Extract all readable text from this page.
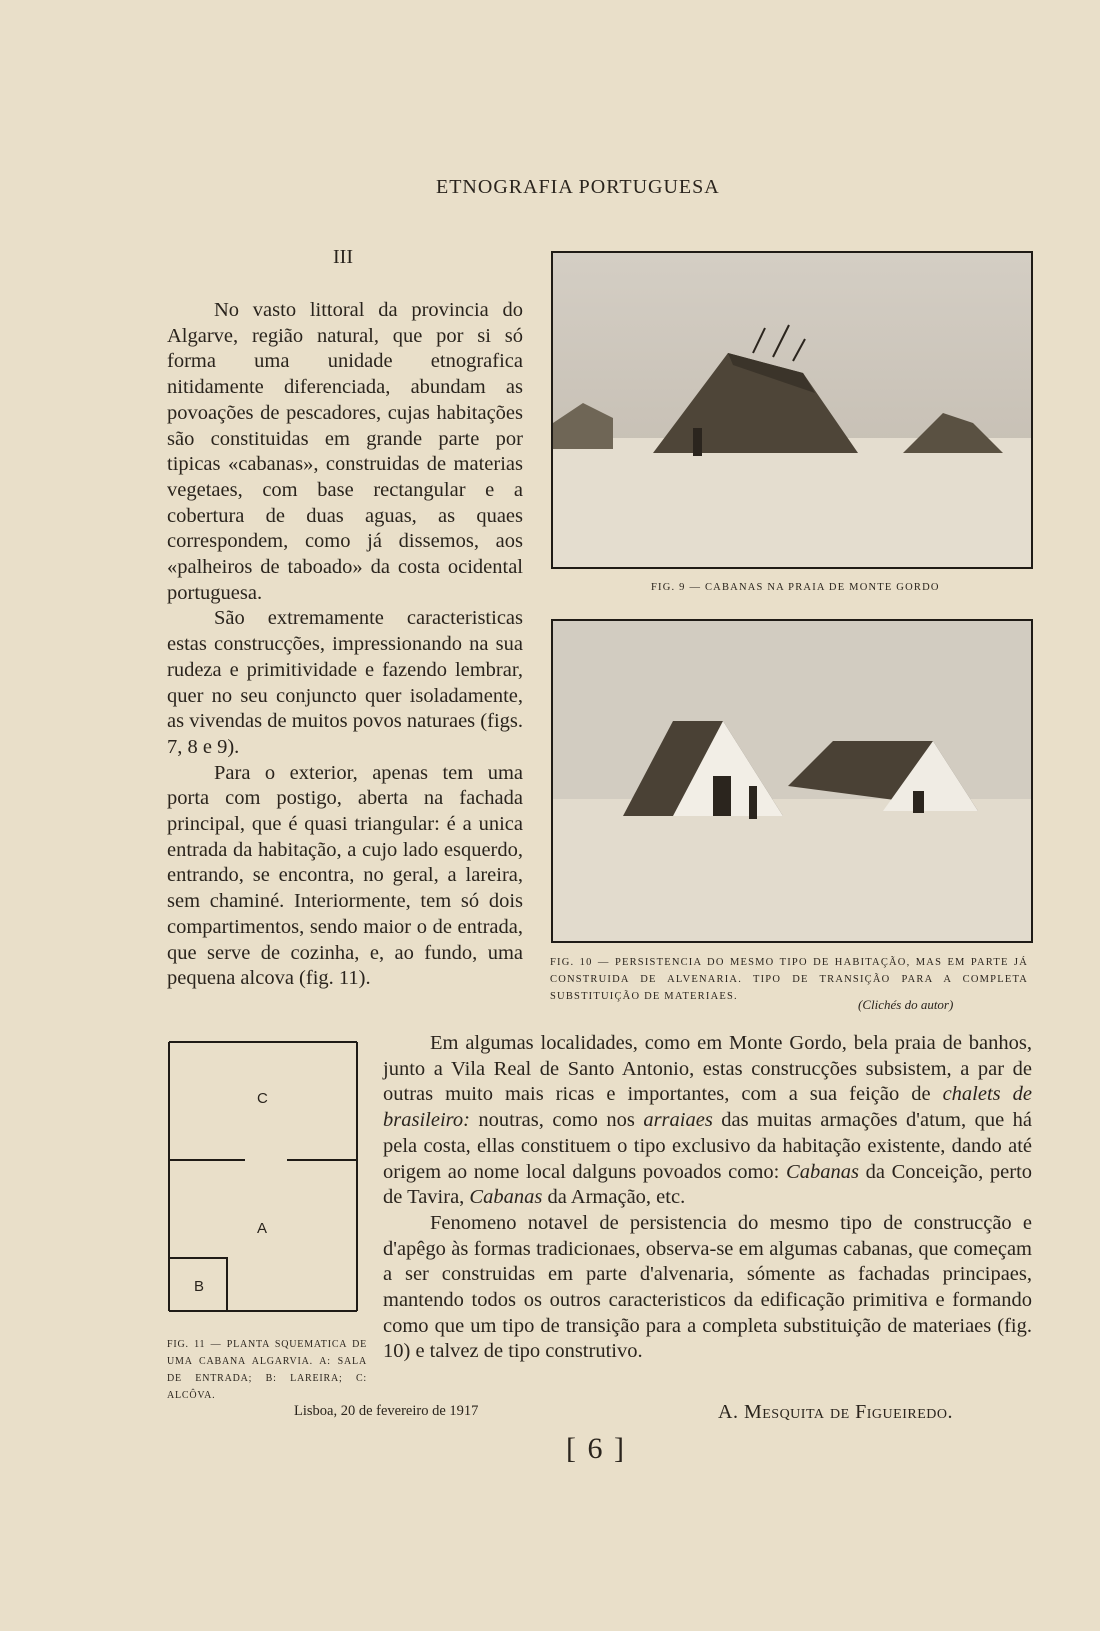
ETNOGRAFIA PORTUGUESA
III

No vasto littoral da provincia do Algarve, região natural, que por si só forma uma unidade etnografica nitidamente diferenciada, abundam as povoações de pescadores, cujas habitações são constituidas em grande parte por tipicas «cabanas», construidas de materias vegetaes, com base rectangular e a cobertura de duas aguas, as quaes correspondem, como já dissemos, aos «palheiros de taboado» da costa ocidental portuguesa.

São extremamente caracteristicas estas construcções, impressionando na sua rudeza e primitividade e fazendo lembrar, quer no seu conjuncto quer isoladamente, as vivendas de muitos povos naturaes (figs. 7, 8 e 9).

Para o exterior, apenas tem uma porta com postigo, aberta na fachada principal, que é quasi triangular: é a unica entrada da habitação, a cujo lado esquerdo, entrando, se encontra, no geral, a lareira, sem chaminé. Interiormente, tem só dois compartimentos, sendo maior o de entrada, que serve de cozinha, e, ao fundo, uma pequena alcova (fig. 11).

FIG. 9 — CABANAS NA PRAIA DE MONTE GORDO
FIG. 10 — PERSISTENCIA DO MESMO TIPO DE HABITAÇÃO, MAS EM PARTE JÁ CONSTRUIDA DE ALVENARIA. TIPO DE TRANSIÇÃO PARA A COMPLETA SUBSTITUIÇÃO DE MATERIAES.
(Clichés do autor)
C
A
B
FIG. 11 — PLANTA SQUEMATICA DE UMA CABANA ALGARVIA. A: SALA DE ENTRADA; B: LAREIRA; C: ALCÔVA.

Em algumas localidades, como em Monte Gordo, bela praia de banhos, junto a Vila Real de Santo Antonio, estas construcções subsistem, a par de outras muito mais ricas e importantes, com a sua feição de chalets de brasileiro: noutras, como nos arraiaes das muitas armações d'atum, que há pela costa, ellas constituem o tipo exclusivo da habitação existente, dando até origem ao nome local dalguns povoados como: Cabanas da Conceição, perto de Tavira, Cabanas da Armação, etc.

Fenomeno notavel de persistencia do mesmo tipo de construcção e d'apêgo às formas tradicionaes, observa-se em algumas cabanas, que começam a ser construidas em parte d'alvenaria, sómente as fachadas principaes, mantendo todos os outros caracteristicos da edificação primitiva e formando como que um tipo de transição para a completa substituição de materiaes (fig. 10) e talvez de tipo construtivo.

Lisboa, 20 de fevereiro de 1917	A. Mesquita de Figueiredo.
[ 6 ]
